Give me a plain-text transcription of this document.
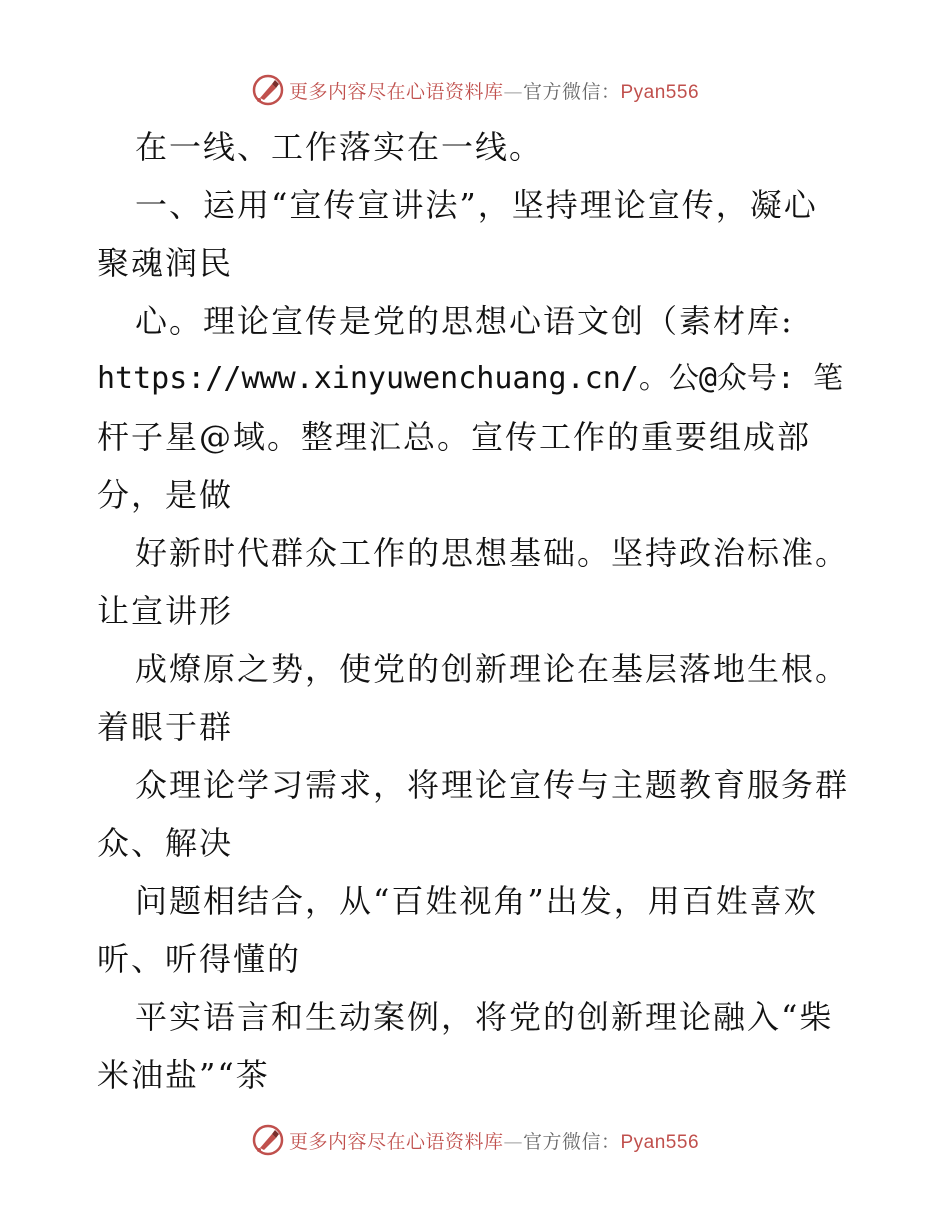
更多内容尽在心语资料库—官方微信：Pyan556
在一线、工作落实在一线。
一、运用“宣传宣讲法”，坚持理论宣传，凝心
聚魂润民
心。理论宣传是党的思想心语文创（素材库:
https://www.xinyuwenchuang.cn/。公@众号: 笔
杆子星@域。整理汇总。宣传工作的重要组成部
分，是做
好新时代群众工作的思想基础。坚持政治标准。
让宣讲形
成燎原之势，使党的创新理论在基层落地生根。
着眼于群
众理论学习需求，将理论宣传与主题教育服务群
众、解决
问题相结合，从“百姓视角”出发，用百姓喜欢
听、听得懂的
平实语言和生动案例，将党的创新理论融入“柴
米油盐”“茶
更多内容尽在心语资料库—官方微信：Pyan556
